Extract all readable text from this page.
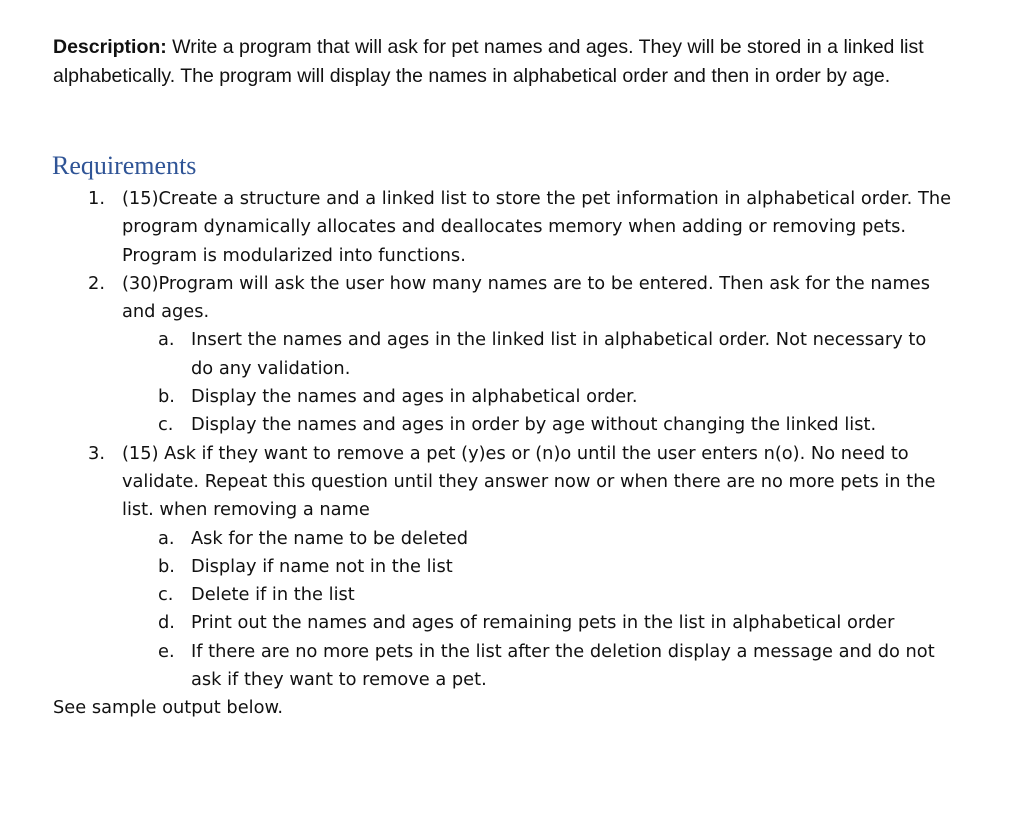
Description: Write a program that will ask for pet names and ages. They will be stored in a linked list alphabetically. The program will display the names in alphabetical order and then in order by age.

Requirements
1. (15)Create a structure and a linked list to store the pet information in alphabetical order. The program dynamically allocates and deallocates memory when adding or removing pets. Program is modularized into functions.
2. (30)Program will ask the user how many names are to be entered. Then ask for the names and ages.
a. Insert the names and ages in the linked list in alphabetical order. Not necessary to do any validation.
b. Display the names and ages in alphabetical order.
c. Display the names and ages in order by age without changing the linked list.
3. (15) Ask if they want to remove a pet (y)es or (n)o until the user enters n(o). No need to validate. Repeat this question until they answer now or when there are no more pets in the list. when removing a name
a. Ask for the name to be deleted
b. Display if name not in the list
c. Delete if in the list
d. Print out the names and ages of remaining pets in the list in alphabetical order
e. If there are no more pets in the list after the deletion display a message and do not ask if they want to remove a pet.

See sample output below.
